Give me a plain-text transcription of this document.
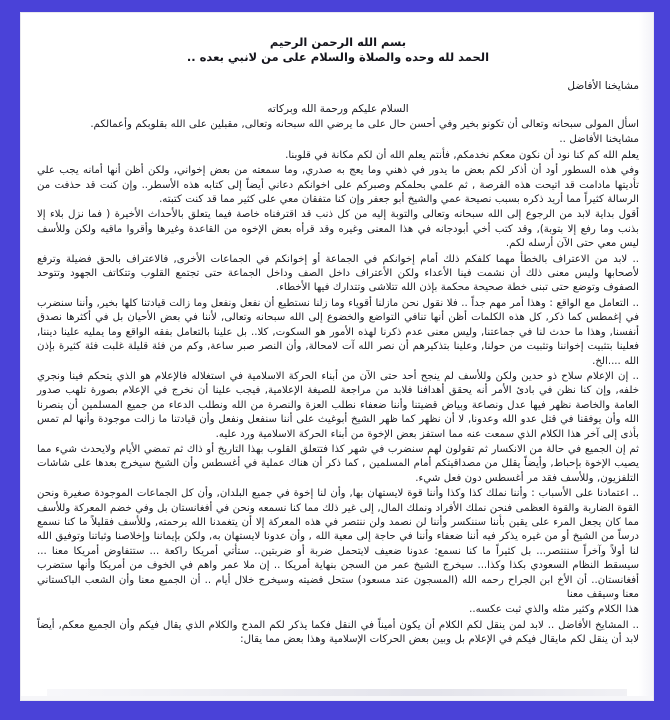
بسم الله الرحمن الرحيم
الحمد لله وحده والصلاة والسلام على من لانبي بعده ..
مشايخنا الأفاضل
السلام عليكم ورحمة الله وبركاته

اسأل المولى سبحانه وتعالى أن تكونو بخير وفي أحسن حال على ما يرضي الله سبحانه وتعالى, مقبلين على الله بقلوبكم وأعمالكم.

مشايخنا الأفاضل ..

يعلم الله كم كنا نود أن نكون معكم نخدمكم, فأنتم يعلم الله أن لكم مكانة في قلوبنا.

وفي هذه السطور أود أن أذكر لكم بعض ما يدور في ذهني وما يعج به صدري, وما سمعته من بعض إخواني, ولكن أظن أنها أمانه يجب علي تأديتها مادامت قد اتيحت هذه الفرصة , ثم علمي بحلمكم وصبركم على اخوانكم دعاني أيضاً إلى كتابه هذه الأسطر.. وإن كنت قد حذفت من الرسالة كثيراً مما أريد ذكره بسبب نصيحة عمي والشيخ أبو جعفر وإن كنا متفقان معي على كثير مما قد كنت كتبته.

أقول بداية لابد من الرجوع إلى الله سبحانه وتعالى والتوبة إليه من كل ذنب قد اقترفناه خاصة فيما يتعلق بالأحداث الأخيرة ( فما نزل بلاء إلا بذنب وما رفع إلا بتوبة), وقد كتب أخي أبودجانه في هذا المعنى وغيره وقد قرأه بعض الإخوه من القاعدة وغيرها وأقروا ماقيه ولكن وللأسف ليس معي حتى الآن أرسله لكم.

.. لابد من الاعتراف بالخطأ مهما كلفكم ذلك أمام إخوانكم في الجماعة أو إخوانكم في الجماعات الأخرى, فالاعتراف بالحق فضيلة وترفع لأصحابها وليس معنى ذلك أن نشمت فينا الأعداء ولكن الأعتراف داخل الصف وداخل الجماعة حتى تجتمع القلوب وتتكاتف الجهود وتتوحد الصفوف وتوضع حتى تبنى خطة صحيحة محكمة بإذن الله تتلاشى وتتدارك فيها الأخطاء.

.. التعامل مع الواقع : وهذا أمر مهم جداً .. فلا نقول نحن مازلنا أقوياء وما زلنا نستطيع أن نفعل ونفعل وما زالت قيادتنا كلها بخير, وأننا سنضرب في إغمطس كما ذكر, كل هذه الكلمات أظن أنها تنافي التواضع والخضوع إلى الله سبحانه وتعالى, لأننا في بعض الأحيان بل في أكثرها نصدق أنفسنا, وهذا ما حدث لنا في جماعتنا, وليس معنى عدم ذكرنا لهذه الأمور هو السكوت, كلا.. بل علينا بالتعامل بفقه الواقع وما يمليه علينا ديننا, فعلينا بتثبيت إخواننا وتثبيت من حولنا, وعلينا بتذكيرهم أن نصر الله آت لامحالة, وأن النصر صبر ساعة, وكم من فئة قليلة غلبت فئة كثيرة بإذن الله ....الخ.

.. إن الإعلام سلاح ذو حدين ولكن وللأسف لم ينجح أحد حتى الآن من أبناء الحركة الاسلامية في استغلاله فالإعلام هو الذي يتحكم فينا ونجري خلفه, وإن كنا نظن في بادئ الأمر أنه يحقق أهدافنا فلابد من مراجعة للصيغة الإعلامية, فيجب علينا أن نخرج في الإعلام بصورة تلهب صدور العامة والخاصة نظهر فيها عدل ونصاعة وبياض قضيتنا وأننا ضعفاء نطلب العزة والنصرة من الله ونطلب الدعاء من جميع المسلمين أن ينصرنا الله وأن يوفقنا في قتل عدو الله وعدونا, لا أن نظهر كما ظهر الشيخ أبوغيث على أننا سنفعل ونفعل وأن قيادتنا ما زالت موجودة وأنها لم تمس بأذى إلى آخر هذا الكلام الذي سمعت عنه مما استفز بعض الإخوة من أبناء الحركة الاسلامية ورد عليه.

ثم إن الجميع في حالة من الانكسار ثم تقولون لهم سنضرب في شهر كذا فتتعلق القلوب بهذا التاريخ أو ذاك ثم تمضي الأيام ولايحدث شيء مما يصيب الإخوة بإحباط, وأيضاً يقلل من مصداقيتكم أمام المسلمين , كما ذكر أن هناك عملية في أغسطس وأن الشيخ سيخرج بعدها على شاشات التلفزيون, وللأسف فقد مر أغسطس دون فعل شيء.

.. اعتمادنا على الأسباب : وأننا نملك كذا وكذا وأننا قوة لايستهان بها, وأن لنا إخوة في جميع البلدان, وأن كل الجماعات الموجودة صغيرة ونحن القوة الضاربة والقوة العظمى فنحن نملك الأفراد ونملك المال, إلى غير ذلك مما كنا نسمعه ونحن في أفغانستان بل وفي خضم المعركة وللأسف مما كان يجعل المرء على يقين بأننا سننكسر وأننا لن نصمد ولن ننتصر في هذه المعركة إلا أن يتغمدنا الله برحمته, وللأسف فقليلاً ما كنا نسمع درساً من الشيخ أو من غيره يذكر فيه أننا ضعفاء وأننا في حاجة إلى معية الله , وأن عدونا لايستهان به, ولكن بإيماننا وإخلاصنا وثباتنا وتوفيق الله لنا أولاً وآخراً سننتصر... بل كثيراً ما كنا نسمع: عدونا ضعيف لايتحمل ضربة أو ضربتين.. ستأتي أمريكا راكعة ... ستتفاوض أمريكا معنا ... سيسقط النظام السعودي بكذا وكذا... سيخرج الشيخ عمر من السجن بنهاية أمريكا .. إن ملا عمر واهم في الخوف من أمريكا وأنها ستضرب أفغانستان.. أن الأخ ابن الجراح رحمه الله (المسجون عند مسعود) ستحل قضيته وسيخرج خلال أيام .. أن الجميع معنا وأن الشعب الباكستاني معنا وسيقف معنا

هذا الكلام وكثير مثله والذي ثبت عكسه..

.. المشايخ الأفاضل .. لابد لمن ينقل لكم الكلام أن يكون أميناً في النقل فكما يذكر لكم المدح والكلام الذي يقال فيكم وأن الجميع معكم, أيضاً لابد أن ينقل لكم مايقال فيكم في الإعلام بل وبين بعض الحركات الإسلامية وهذا بعض مما يقال:
